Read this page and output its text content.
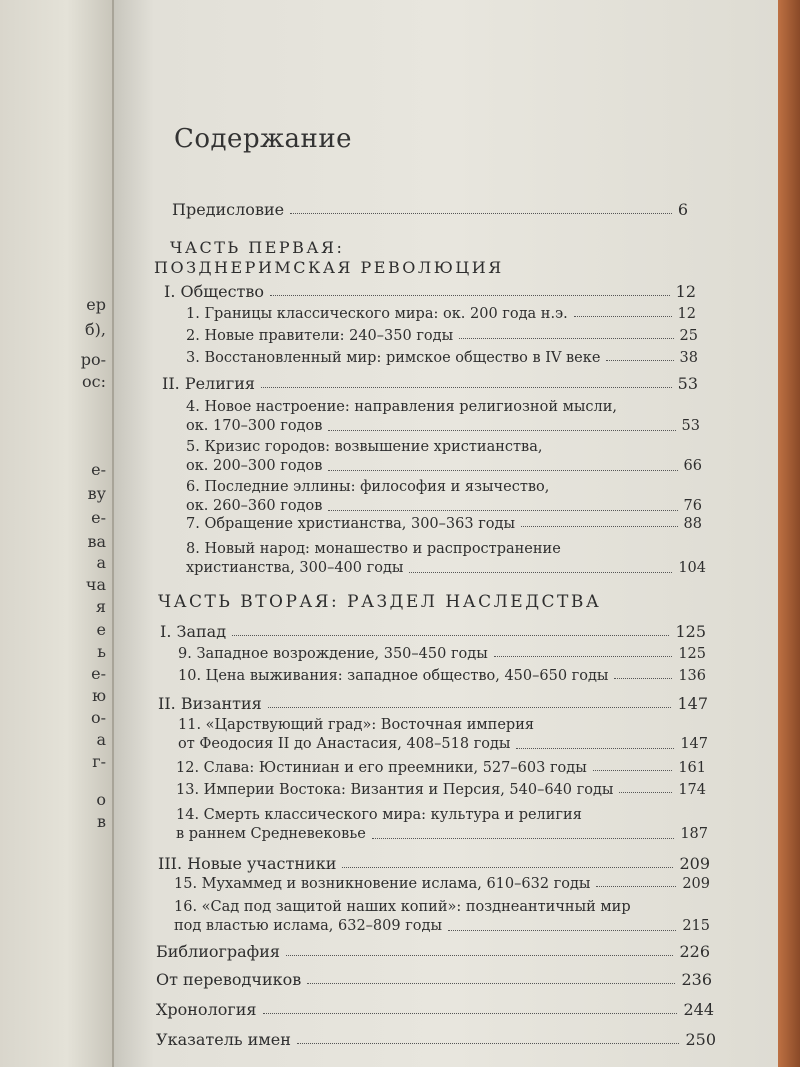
ер
б),
ро-
ос:
е-
ву
е-
ва
а
ча
я
е
ь
е-
ю
о-
а
г-
о
в
Содержание
Предисловие	6
ЧАСТЬ ПЕРВАЯ:
ПОЗДНЕРИМСКАЯ РЕВОЛЮЦИЯ
I. Общество	12
1. Границы классического мира: ок. 200 года н.э.	12
2. Новые правители: 240–350 годы	25
3. Восстановленный мир: римское общество в IV веке	38
II. Религия	53
4. Новое настроение: направления религиозной мысли,
ок. 170–300 годов	53
5. Кризис городов: возвышение христианства,
ок. 200–300 годов	66
6. Последние эллины: философия и язычество,
ок. 260–360 годов	76
7. Обращение христианства, 300–363 годы	88
8. Новый народ: монашество и распространение
христианства, 300–400 годы	104
ЧАСТЬ ВТОРАЯ: РАЗДЕЛ НАСЛЕДСТВА
I. Запад	125
9. Западное возрождение, 350–450 годы	125
10. Цена выживания: западное общество, 450–650 годы	136
II. Византия	147
11. «Царствующий град»: Восточная империя
от Феодосия II до Анастасия, 408–518 годы	147
12. Слава: Юстиниан и его преемники, 527–603 годы	161
13. Империи Востока: Византия и Персия, 540–640 годы	174
14. Смерть классического мира: культура и религия
в раннем Средневековье	187
III. Новые участники	209
15. Мухаммед и возникновение ислама, 610–632 годы	209
16. «Сад под защитой наших копий»: позднеантичный мир
под властью ислама, 632–809 годы	215
Библиография	226
От переводчиков	236
Хронология	244
Указатель имен	250
